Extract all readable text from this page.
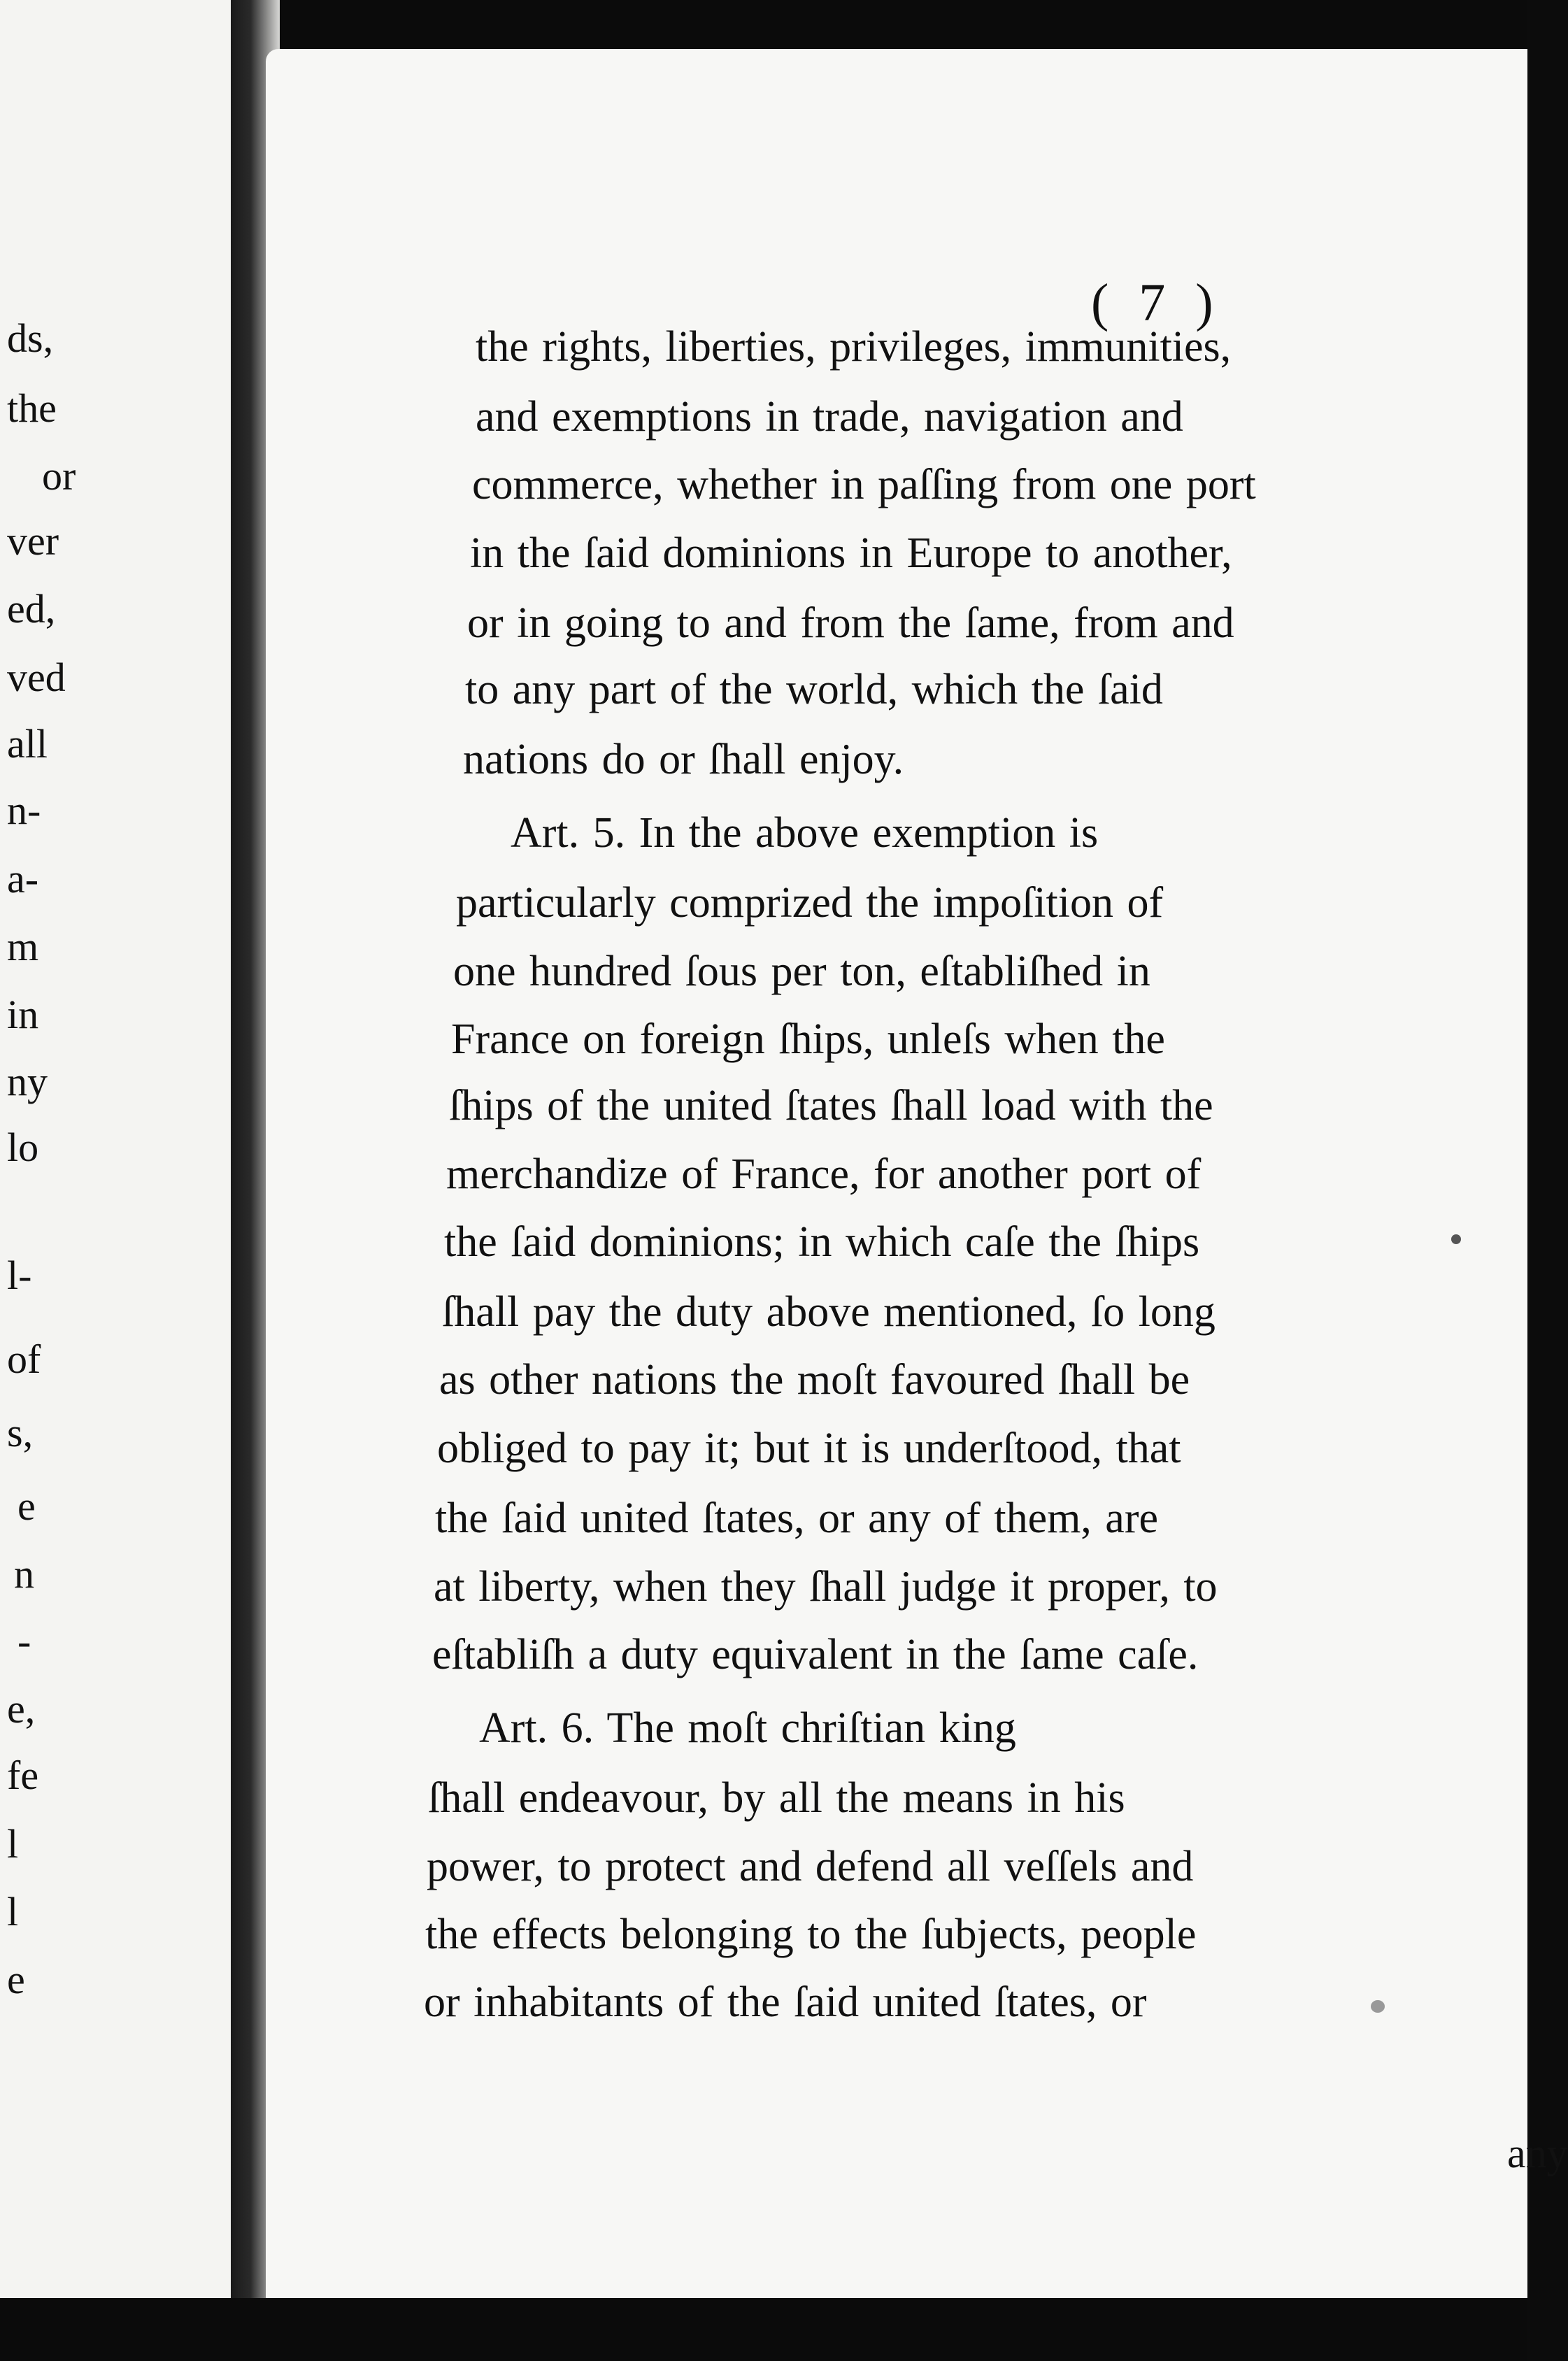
ds,
the
or
ver
ed,
ved
all
n-
a-
m
in
ny
lo
l-
of
s,
e
n
-
e,
fe
l
l
e
( 7 )
the rights, liberties, privileges, immunities,
and exemptions in trade, navigation and
commerce, whether in paſſing from one port
in the ſaid dominions in Europe to another,
or in going to and from the ſame, from and
to any part of the world, which the ſaid
nations do or ſhall enjoy.
Art. 5. In the above exemption is
particularly comprized the impoſition of
one hundred ſous per ton, eſtabliſhed in
France on foreign ſhips, unleſs when the
ſhips of the united ſtates ſhall load with the
merchandize of France, for another port of
the ſaid dominions; in which caſe the ſhips
ſhall pay the duty above mentioned, ſo long
as other nations the moſt favoured ſhall be
obliged to pay it; but it is underſtood, that
the ſaid united ſtates, or any of them, are
at liberty, when they ſhall judge it proper, to
eſtabliſh a duty equivalent in the ſame caſe.
Art. 6. The moſt chriſtian king
ſhall endeavour, by all the means in his
power, to protect and defend all veſſels and
the effects belonging to the ſubjects, people
or inhabitants of the ſaid united ſtates, or
any
